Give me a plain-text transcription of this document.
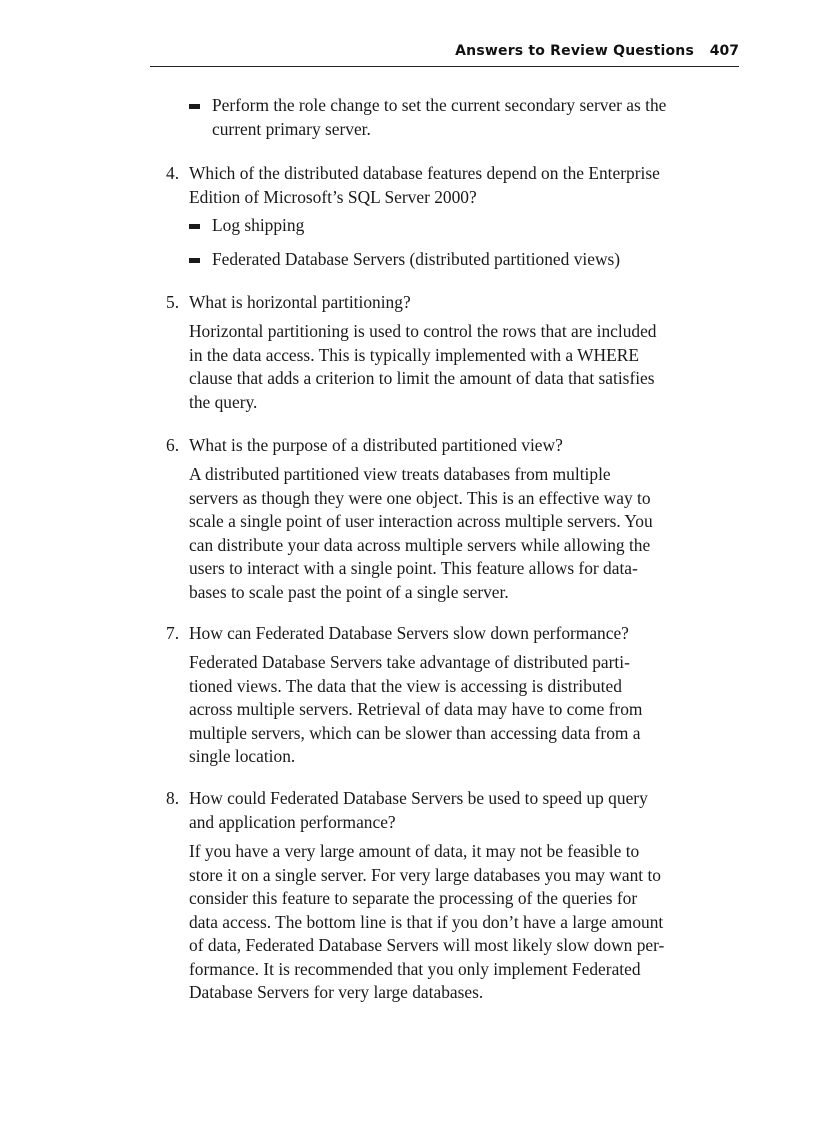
Answers to Review Questions 407
Perform the role change to set the current secondary server as the
current primary server.
4. Which of the distributed database features depend on the Enterprise
Edition of Microsoft’s SQL Server 2000?
Log shipping
Federated Database Servers (distributed partitioned views)
5. What is horizontal partitioning?
Horizontal partitioning is used to control the rows that are included
in the data access. This is typically implemented with a WHERE
clause that adds a criterion to limit the amount of data that satisfies
the query.
6. What is the purpose of a distributed partitioned view?
A distributed partitioned view treats databases from multiple
servers as though they were one object. This is an effective way to
scale a single point of user interaction across multiple servers. You
can distribute your data across multiple servers while allowing the
users to interact with a single point. This feature allows for data-
bases to scale past the point of a single server.
7. How can Federated Database Servers slow down performance?
Federated Database Servers take advantage of distributed parti-
tioned views. The data that the view is accessing is distributed
across multiple servers. Retrieval of data may have to come from
multiple servers, which can be slower than accessing data from a
single location.
8. How could Federated Database Servers be used to speed up query
and application performance?
If you have a very large amount of data, it may not be feasible to
store it on a single server. For very large databases you may want to
consider this feature to separate the processing of the queries for
data access. The bottom line is that if you don’t have a large amount
of data, Federated Database Servers will most likely slow down per-
formance. It is recommended that you only implement Federated
Database Servers for very large databases.
